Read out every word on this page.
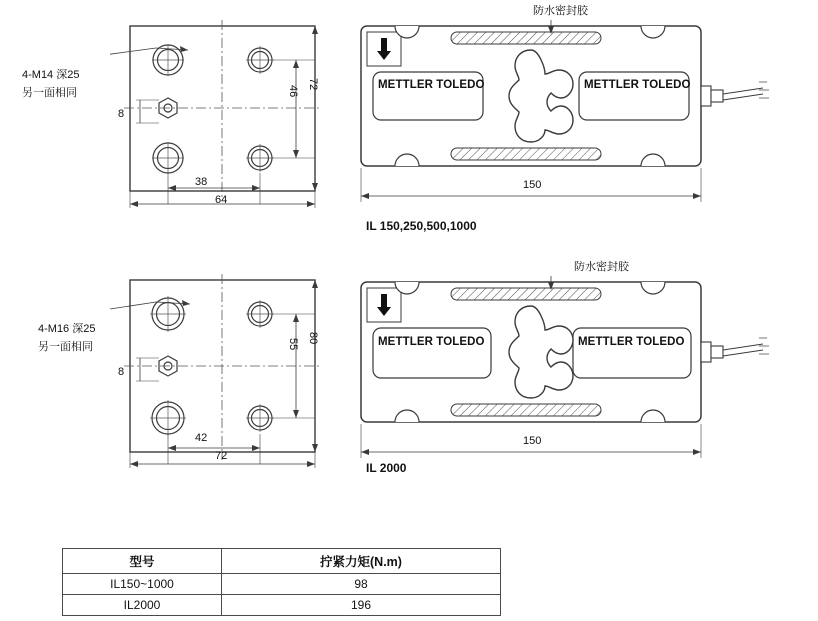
4-M14 深25
另一面相同
8
46
72
38
64
防水密封胶
METTLER TOLEDO	METTLER TOLEDO
150
IL 150,250,500,1000
4-M16 深25
另一面相同
8
55 80
42
72
防水密封胶
METTLER TOLEDO	METTLER TOLEDO
150
IL 2000
型号	拧紧力矩(N.m)
IL150~1000	98
IL2000	196
